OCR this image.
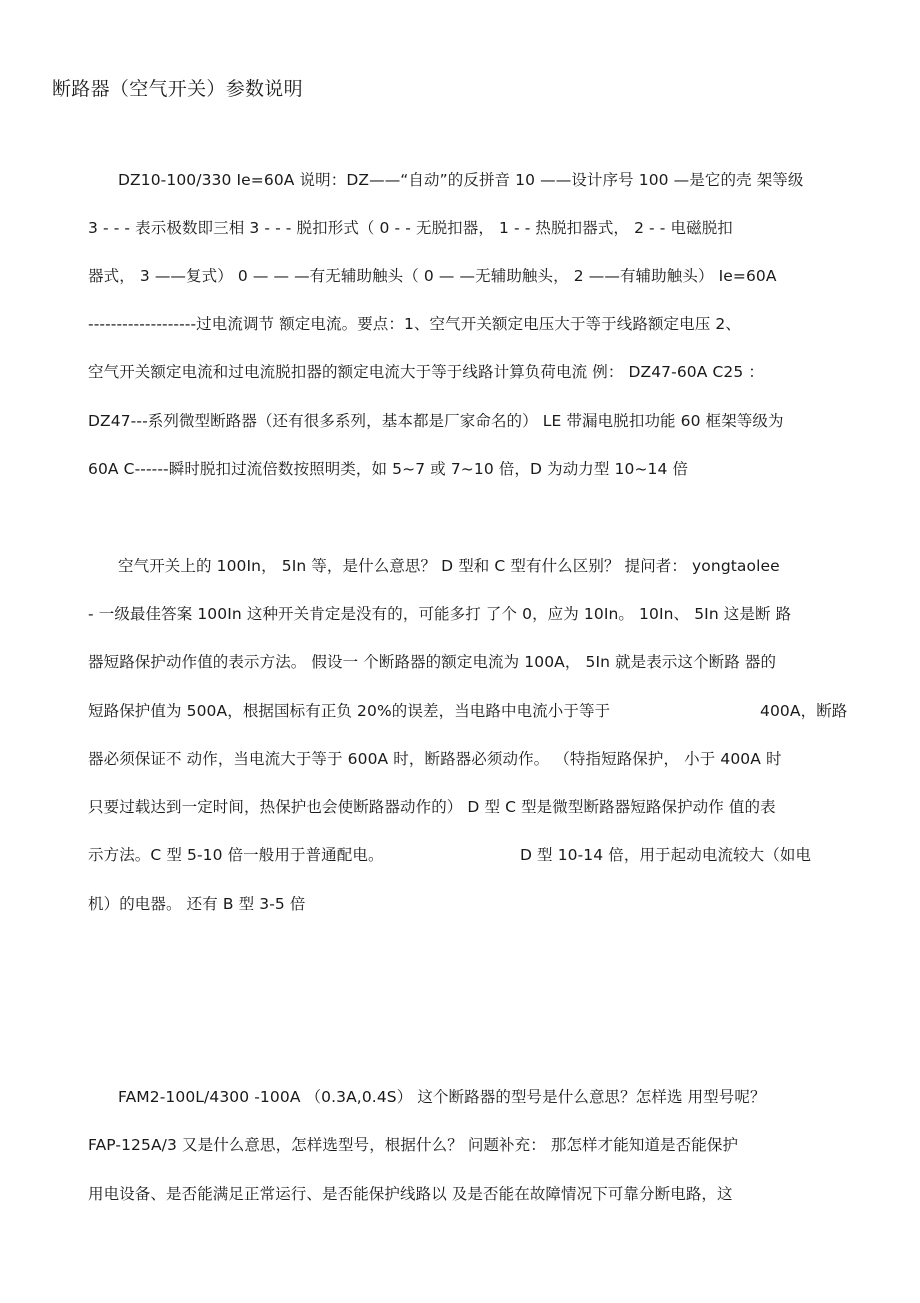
断路器（空气开关）参数说明
DZ10-100/330 Ie=60A 说明：DZ——“自动”的反拼音 10 ——设计序号 100 —是它的壳 架等级
3 - - - 表示极数即三相 3 - - - 脱扣形式（ 0 - - 无脱扣器， 1 - - 热脱扣器式， 2 - - 电磁脱扣
器式， 3 ——复式） 0 — — —有无辅助触头（ 0 — —无辅助触头， 2 ——有辅助触头） Ie=60A
-------------------过电流调节 额定电流。要点：1、空气开关额定电压大于等于线路额定电压 2、
空气开关额定电流和过电流脱扣器的额定电流大于等于线路计算负荷电流 例： DZ47-60A C25 ：
DZ47---系列微型断路器（还有很多系列，基本都是厂家命名的） LE 带漏电脱扣功能 60 框架等级为
60A C------瞬时脱扣过流倍数按照明类，如 5~7 或 7~10 倍，D 为动力型 10~14 倍
空气开关上的 100In， 5In 等，是什么意思？ D 型和 C 型有什么区别？ 提问者： yongtaolee
- 一级最佳答案 100In 这种开关肯定是没有的，可能多打 了个 0，应为 10In。 10In、 5In 这是断 路
器短路保护动作值的表示方法。 假设一 个断路器的额定电流为 100A， 5In 就是表示这个断路 器的
短路保护值为 500A，根据国标有正负 20%的误差，当电路中电流小于等于	400A，断路
器必须保证不 动作，当电流大于等于 600A 时，断路器必须动作。 （特指短路保护， 小于 400A 时
只要过载达到一定时间，热保护也会使断路器动作的） D 型 C 型是微型断路器短路保护动作 值的表
示方法。C 型 5-10 倍一般用于普通配电。	D 型 10-14 倍，用于起动电流较大（如电
机）的电器。 还有 B 型 3-5 倍
FAM2-100L/4300 -100A （0.3A,0.4S） 这个断路器的型号是什么意思？怎样选 用型号呢？
FAP-125A/3 又是什么意思，怎样选型号，根据什么？ 问题补充： 那怎样才能知道是否能保护
用电设备、是否能满足正常运行、是否能保护线路以 及是否能在故障情况下可靠分断电路，这
